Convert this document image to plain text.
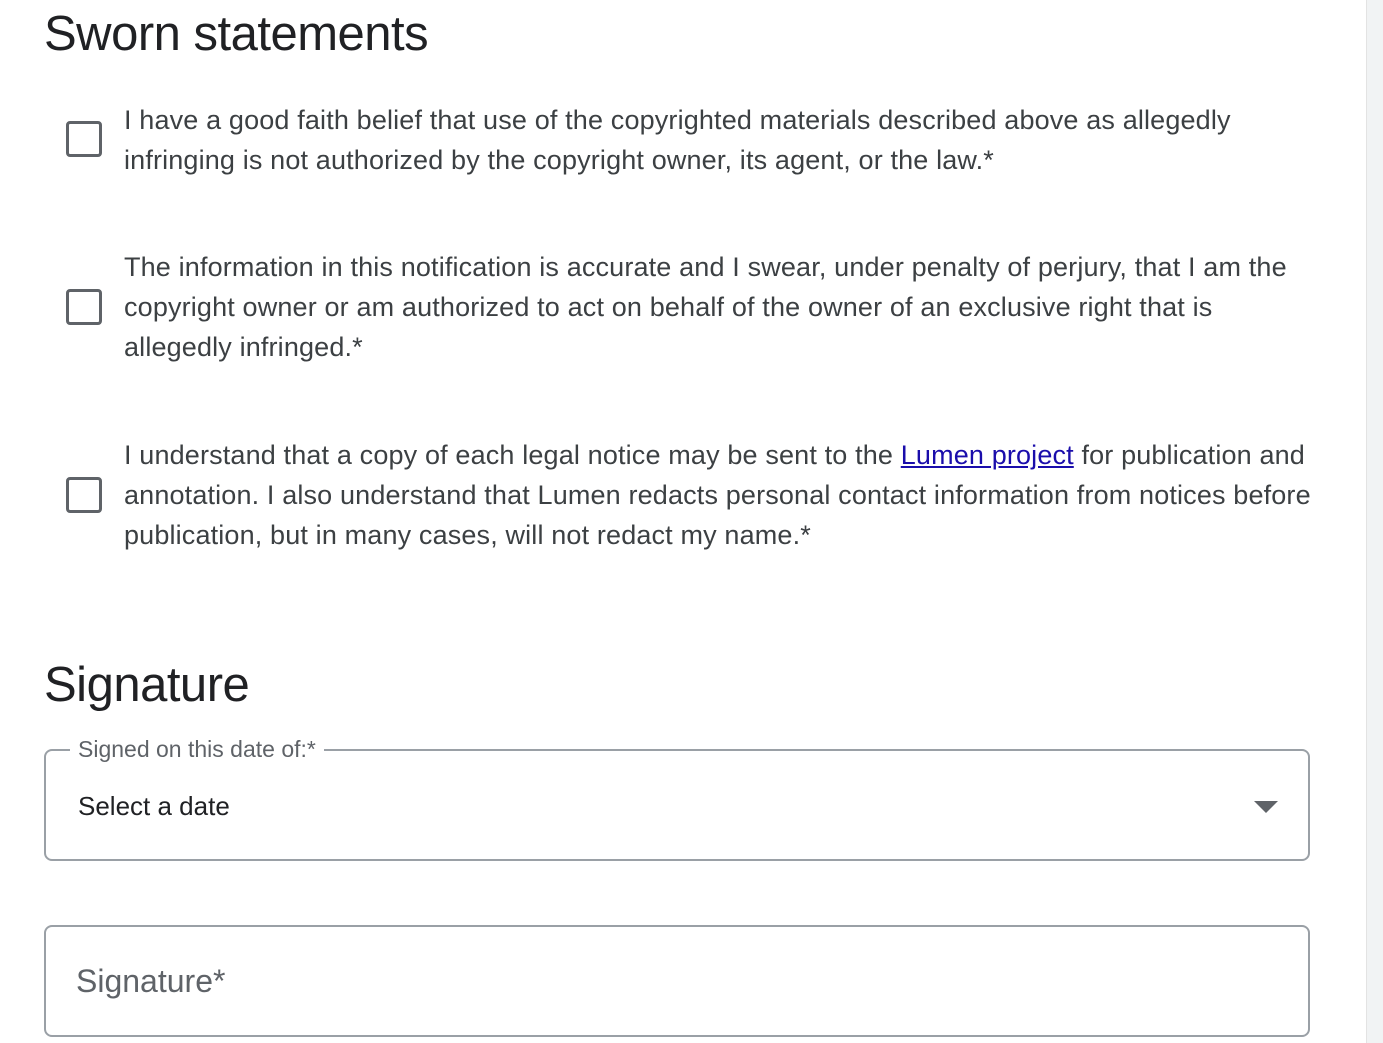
Sworn statements
I have a good faith belief that use of the copyrighted materials described above as allegedly infringing is not authorized by the copyright owner, its agent, or the law.*
The information in this notification is accurate and I swear, under penalty of perjury, that I am the copyright owner or am authorized to act on behalf of the owner of an exclusive right that is allegedly infringed.*
I understand that a copy of each legal notice may be sent to the Lumen project for publication and annotation. I also understand that Lumen redacts personal contact information from notices before publication, but in many cases, will not redact my name.*
Signature
Signed on this date of:*
Select a date
Signature*
